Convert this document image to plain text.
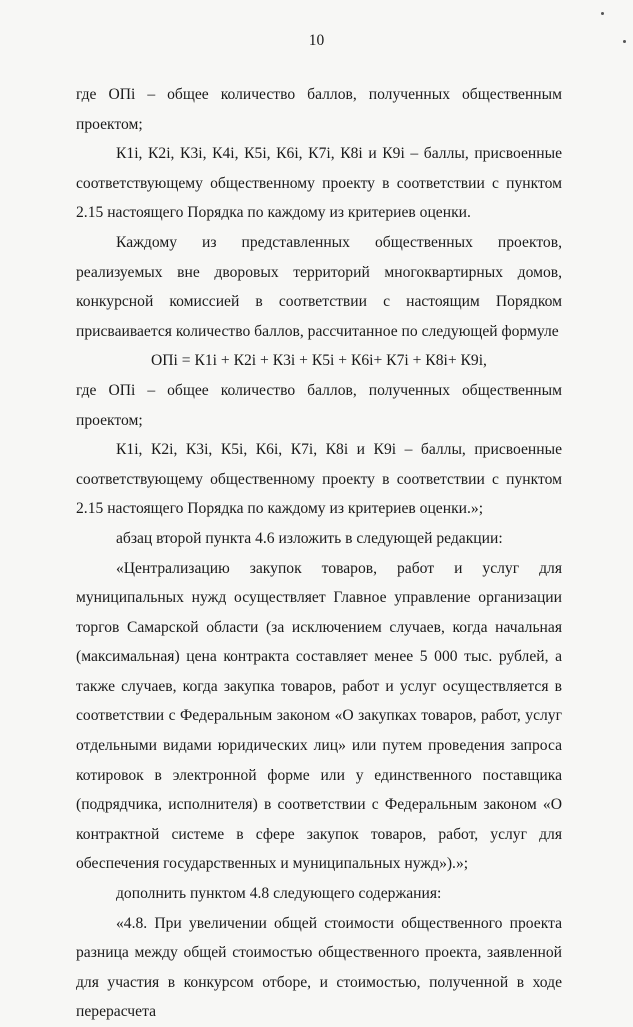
10

где ОПi – общее количество баллов, полученных общественным проектом;

К1i, К2i, К3i, К4i, К5i, К6i, К7i, К8i и К9i – баллы, присвоенные соответствующему общественному проекту в соответствии с пунктом 2.15 настоящего Порядка по каждому из критериев оценки.

Каждому из представленных общественных проектов, реализуемых вне дворовых территорий многоквартирных домов, конкурсной комиссией в соответствии с настоящим Порядком присваивается количество баллов, рассчитанное по следующей формуле

ОПi = К1i + К2i + К3i + К5i + К6i+ К7i + К8i+ К9i,

где ОПi – общее количество баллов, полученных общественным проектом;

К1i, К2i, К3i, К5i, К6i, К7i, К8i и К9i – баллы, присвоенные соответствующему общественному проекту в соответствии с пунктом 2.15 настоящего Порядка по каждому из критериев оценки.»;

абзац второй пункта 4.6 изложить в следующей редакции:

«Централизацию закупок товаров, работ и услуг для муниципальных нужд осуществляет Главное управление организации торгов Самарской области (за исключением случаев, когда начальная (максимальная) цена контракта составляет менее 5 000 тыс. рублей, а также случаев, когда закупка товаров, работ и услуг осуществляется в соответствии с Федеральным законом «О закупках товаров, работ, услуг отдельными видами юридических лиц» или путем проведения запроса котировок в электронной форме или у единственного поставщика (подрядчика, исполнителя) в соответствии с Федеральным законом «О контрактной системе в сфере закупок товаров, работ, услуг для обеспечения государственных и муниципальных нужд»).»;

дополнить пунктом 4.8 следующего содержания:

«4.8. При увеличении общей стоимости общественного проекта разница между общей стоимостью общественного проекта, заявленной для участия в конкурсом отборе, и стоимостью, полученной в ходе перерасчета
